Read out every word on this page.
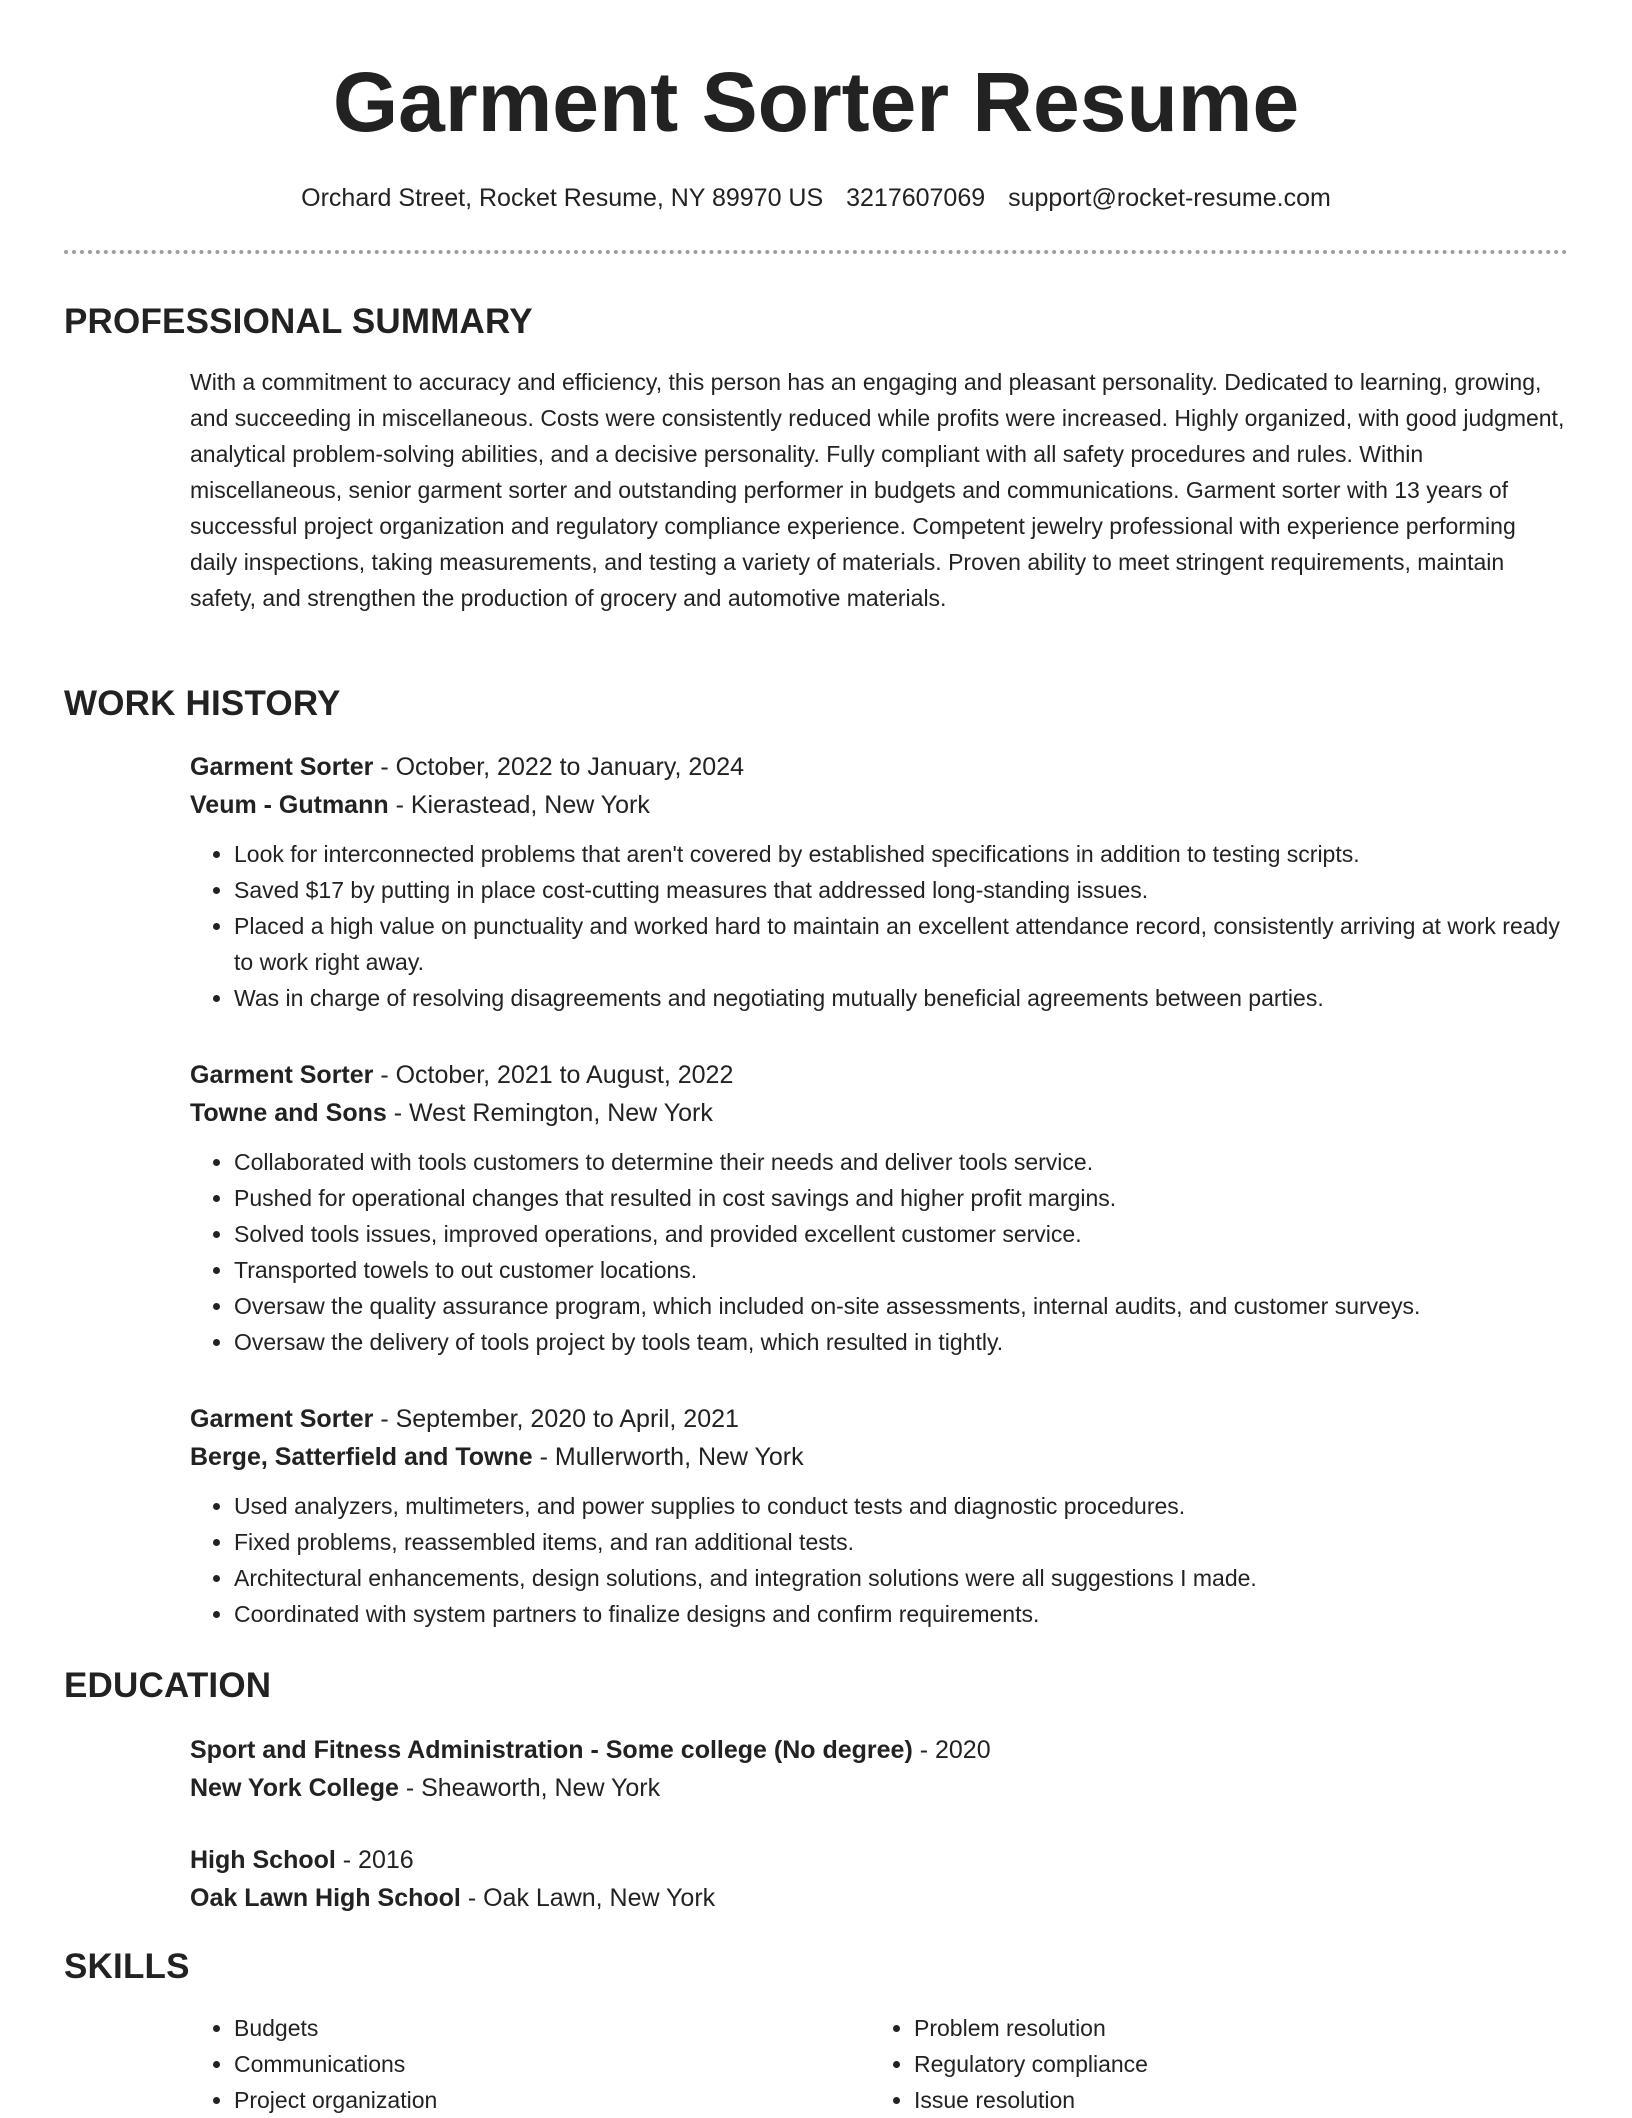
Garment Sorter Resume
Orchard Street, Rocket Resume, NY 89970 US 3217607069 support@rocket-resume.com
PROFESSIONAL SUMMARY

With a commitment to accuracy and efficiency, this person has an engaging and pleasant personality. Dedicated to learning, growing, and succeeding in miscellaneous. Costs were consistently reduced while profits were increased. Highly organized, with good judgment, analytical problem-solving abilities, and a decisive personality. Fully compliant with all safety procedures and rules. Within miscellaneous, senior garment sorter and outstanding performer in budgets and communications. Garment sorter with 13 years of successful project organization and regulatory compliance experience. Competent jewelry professional with experience performing daily inspections, taking measurements, and testing a variety of materials. Proven ability to meet stringent requirements, maintain safety, and strengthen the production of grocery and automotive materials.

WORK HISTORY

Garment Sorter - October, 2022 to January, 2024

Veum - Gutmann - Kierastead, New York

• Look for interconnected problems that aren't covered by established specifications in addition to testing scripts.
• Saved $17 by putting in place cost-cutting measures that addressed long-standing issues.
• Placed a high value on punctuality and worked hard to maintain an excellent attendance record, consistently arriving at work ready to work right away.
• Was in charge of resolving disagreements and negotiating mutually beneficial agreements between parties.

Garment Sorter - October, 2021 to August, 2022

Towne and Sons - West Remington, New York

• Collaborated with tools customers to determine their needs and deliver tools service.
• Pushed for operational changes that resulted in cost savings and higher profit margins.
• Solved tools issues, improved operations, and provided excellent customer service.
• Transported towels to out customer locations.
• Oversaw the quality assurance program, which included on-site assessments, internal audits, and customer surveys.
• Oversaw the delivery of tools project by tools team, which resulted in tightly.

Garment Sorter - September, 2020 to April, 2021

Berge, Satterfield and Towne - Mullerworth, New York

• Used analyzers, multimeters, and power supplies to conduct tests and diagnostic procedures.
• Fixed problems, reassembled items, and ran additional tests.
• Architectural enhancements, design solutions, and integration solutions were all suggestions I made.
• Coordinated with system partners to finalize designs and confirm requirements.
EDUCATION

Sport and Fitness Administration - Some college (No degree) - 2020

New York College - Sheaworth, New York

High School - 2016

Oak Lawn High School - Oak Lawn, New York

SKILLS
• Budgets
• Communications
• Project organization
• Problem resolution
• Regulatory compliance
• Issue resolution
